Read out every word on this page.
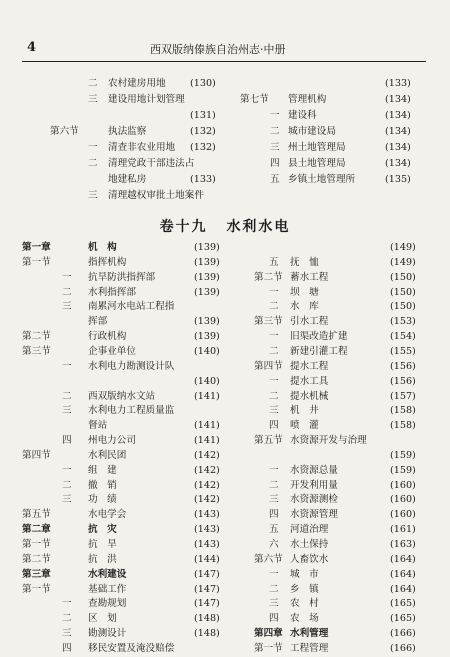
4	西双版纳傣族自治州志·中册
二 农村建房用地	(130)
三 建设用地计划管理
(131)
第六节	执法监察	(132)
一 清查非农业用地 (132)
二 清理党政干部违法占
地建私房	(133)
三 清理越权审批土地案件
(133)
第七节 管理机构	(134)
一 建设科	(134)
二 城市建设局	(134)
三 州土地管理局	(134)
四 县土地管理局	(134)
五 乡镇土地管理所	(135)
卷十九 水利水电
第一章	机　构	(139)
第一节	指挥机构	(139)
一 抗旱防洪指挥部	(139)
二 水利指挥部	(139)
三 南累河水电站工程指
挥部	(139)
第二节	行政机构	(139)
第三节	企事业单位	(140)
一 水利电力勘测设计队
(140)
二 西双版纳水文站	(141)
三 水利电力工程质量监
督站	(141)
四 州电力公司	(141)
第四节	水利民团	(142)
一 组　建	(142)
二 撤　销	(142)
三 功　绩	(142)
第五节	水电学会	(143)
第二章	抗　灾	(143)
第一节	抗　旱	(143)
第二节	抗　洪	(144)
第三章	水利建设	(147)
第一节	基础工作	(147)
一 查勘规划	(147)
二 区　划	(148)
三 勘测设计	(148)
四 移民安置及淹没赔偿
(149)
五 抚　恤	(149)
第二节 蓄水工程	(150)
一 坝　塘	(150)
二 水　库	(150)
第三节 引水工程	(153)
一 旧渠改造扩建	(154)
二 新建引灌工程	(155)
第四节 提水工程	(156)
一 提水工具	(156)
二 提水机械	(157)
三 机　井	(158)
四 喷　灌	(158)
第五节 水资源开发与治理
(159)
一 水资源总量	(159)
二 开发利用量	(160)
三 水资源测检	(160)
四 水资源管理	(160)
五 河道治理	(161)
六 水土保持	(163)
第六节 人畜饮水	(164)
一 城　市	(164)
二 乡　镇	(164)
三 农　村	(165)
四 农　场	(165)
第四章 水利管理	(166)
第一节 工程管理	(166)
